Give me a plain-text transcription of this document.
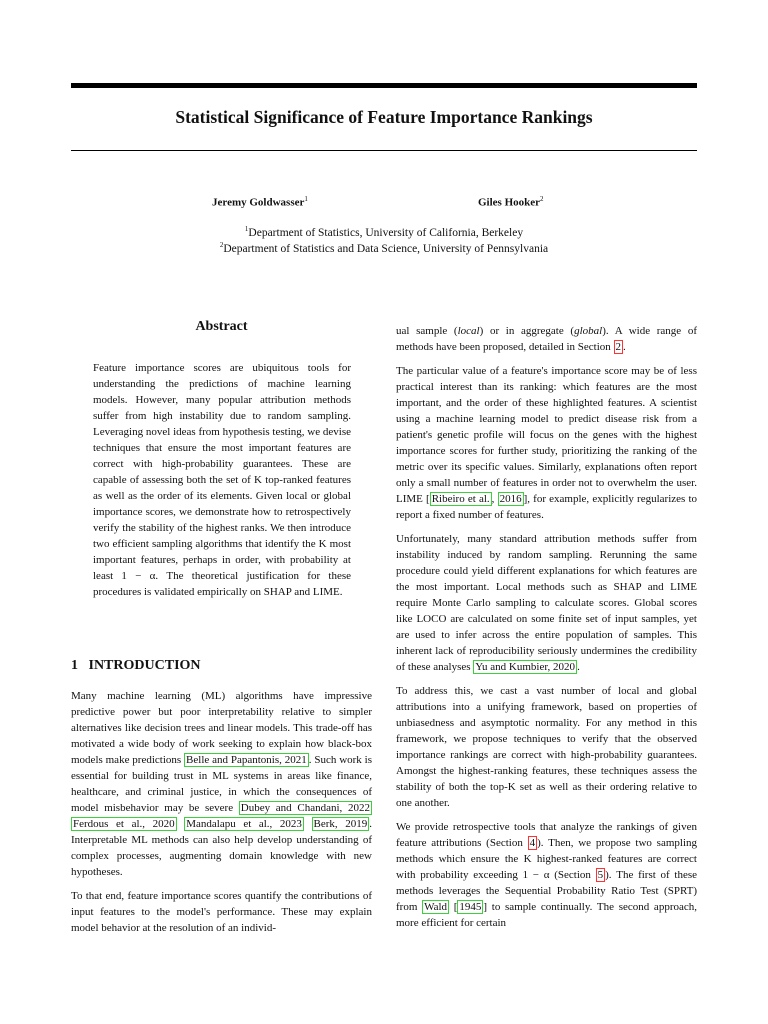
Statistical Significance of Feature Importance Rankings
Jeremy Goldwasser$^1$	Giles Hooker$^2$
$^1$Department of Statistics, University of California, Berkeley
$^2$Department of Statistics and Data Science, University of Pennsylvania
Abstract

Feature importance scores are ubiquitous tools for understanding the predictions of machine learning models. However, many popular attribution methods suffer from high instability due to random sampling. Leveraging novel ideas from hypothesis testing, we devise techniques that ensure the most important features are correct with high-probability guarantees. These are capable of assessing both the set of K top-ranked features as well as the order of its elements. Given local or global importance scores, we demonstrate how to retrospectively verify the stability of the highest ranks. We then introduce two efficient sampling algorithms that identify the K most important features, perhaps in order, with probability at least 1 − α. The theoretical justification for these procedures is validated empirically on SHAP and LIME.

1 INTRODUCTION

Many machine learning (ML) algorithms have impressive predictive power but poor interpretability relative to simpler alternatives like decision trees and linear models. This trade-off has motivated a wide body of work seeking to explain how black-box models make predictions Belle and Papantonis, 2021 . Such work is essential for building trust in ML systems in areas like finance, healthcare, and criminal justice, in which the consequences of model misbehavior may be severe Dubey and Chandani, 2022 Ferdous et al., 2020 Mandalapu et al., 2023 Berk, 2019 . Interpretable ML methods can also help develop understanding of complex processes, augmenting domain knowledge with new hypotheses.

To that end, feature importance scores quantify the contributions of input features to the model's performance. These may explain model behavior at the resolution of an individ-

ual sample (local) or in aggregate (global). A wide range of methods have been proposed, detailed in Section 2 .

The particular value of a feature's importance score may be of less practical interest than its ranking: which features are the most important, and the order of these highlighted features. A scientist using a machine learning model to predict disease risk from a patient's genetic profile will focus on the genes with the highest importance scores for further study, prioritizing the ranking of the metric over its specific values. Similarly, explanations often report only a small number of features in order not to overwhelm the user. LIME [ Ribeiro et al. , 2016 ], for example, explicitly regularizes to report a fixed number of features.

Unfortunately, many standard attribution methods suffer from instability induced by random sampling. Rerunning the same procedure could yield different explanations for which features are the most important. Local methods such as SHAP and LIME require Monte Carlo sampling to calculate scores. Global scores like LOCO are calculated on some finite set of input samples, yet are used to infer across the entire population of samples. This inherent lack of reproducibility seriously undermines the credibility of these analyses Yu and Kumbier, 2020 .

To address this, we cast a vast number of local and global attributions into a unifying framework, based on properties of unbiasedness and asymptotic normality. For any method in this framework, we propose techniques to verify that the observed importance rankings are correct with high-probability guarantees. Amongst the highest-ranking features, these techniques assess the stability of both the top-K set as well as their ordering relative to one another.

We provide retrospective tools that analyze the rankings of given feature attributions (Section 4 ). Then, we propose two sampling methods which ensure the K highest-ranked features are correct with probability exceeding 1 − α (Section 5 ). The first of these methods leverages the Sequential Probability Ratio Test (SPRT) from Wald [ 1945 ] to sample continually. The second approach, more efficient for certain
